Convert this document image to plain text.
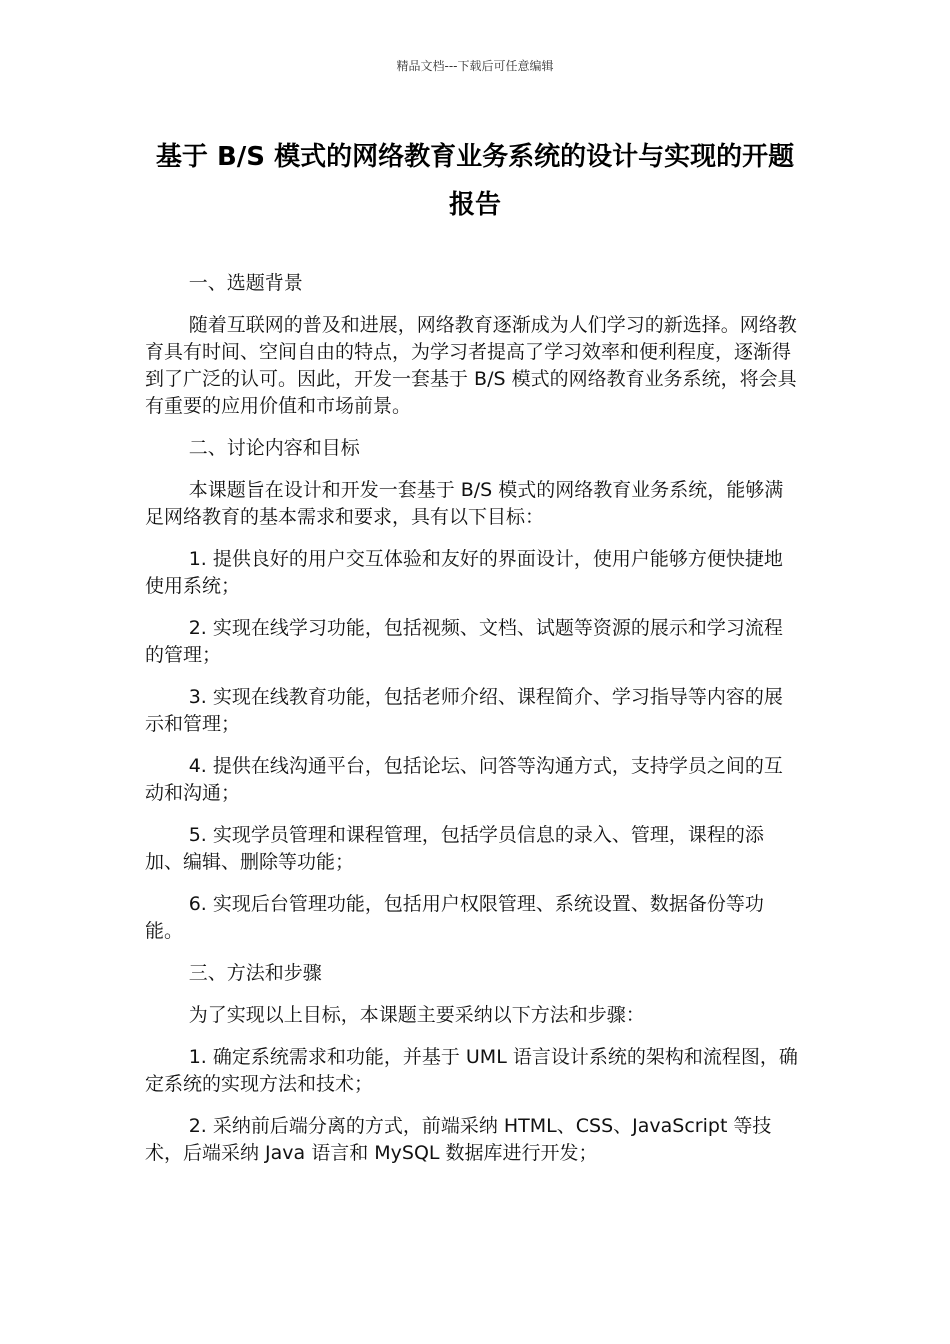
精品文档---下载后可任意编辑
基于 B/S 模式的网络教育业务系统的设计与实现的开题报告

一、选题背景

随着互联网的普及和进展，网络教育逐渐成为人们学习的新选择。网络教育具有时间、空间自由的特点，为学习者提高了学习效率和便利程度，逐渐得到了广泛的认可。因此，开发一套基于 B/S 模式的网络教育业务系统，将会具有重要的应用价值和市场前景。

二、讨论内容和目标

本课题旨在设计和开发一套基于 B/S 模式的网络教育业务系统，能够满足网络教育的基本需求和要求，具有以下目标：

1. 提供良好的用户交互体验和友好的界面设计，使用户能够方便快捷地使用系统；

2. 实现在线学习功能，包括视频、文档、试题等资源的展示和学习流程的管理；

3. 实现在线教育功能，包括老师介绍、课程简介、学习指导等内容的展示和管理；

4. 提供在线沟通平台，包括论坛、问答等沟通方式，支持学员之间的互动和沟通；

5. 实现学员管理和课程管理，包括学员信息的录入、管理，课程的添加、编辑、删除等功能；

6. 实现后台管理功能，包括用户权限管理、系统设置、数据备份等功能。

三、方法和步骤

为了实现以上目标，本课题主要采纳以下方法和步骤：

1. 确定系统需求和功能，并基于 UML 语言设计系统的架构和流程图，确定系统的实现方法和技术；

2. 采纳前后端分离的方式，前端采纳 HTML、CSS、JavaScript 等技术，后端采纳 Java 语言和 MySQL 数据库进行开发；
